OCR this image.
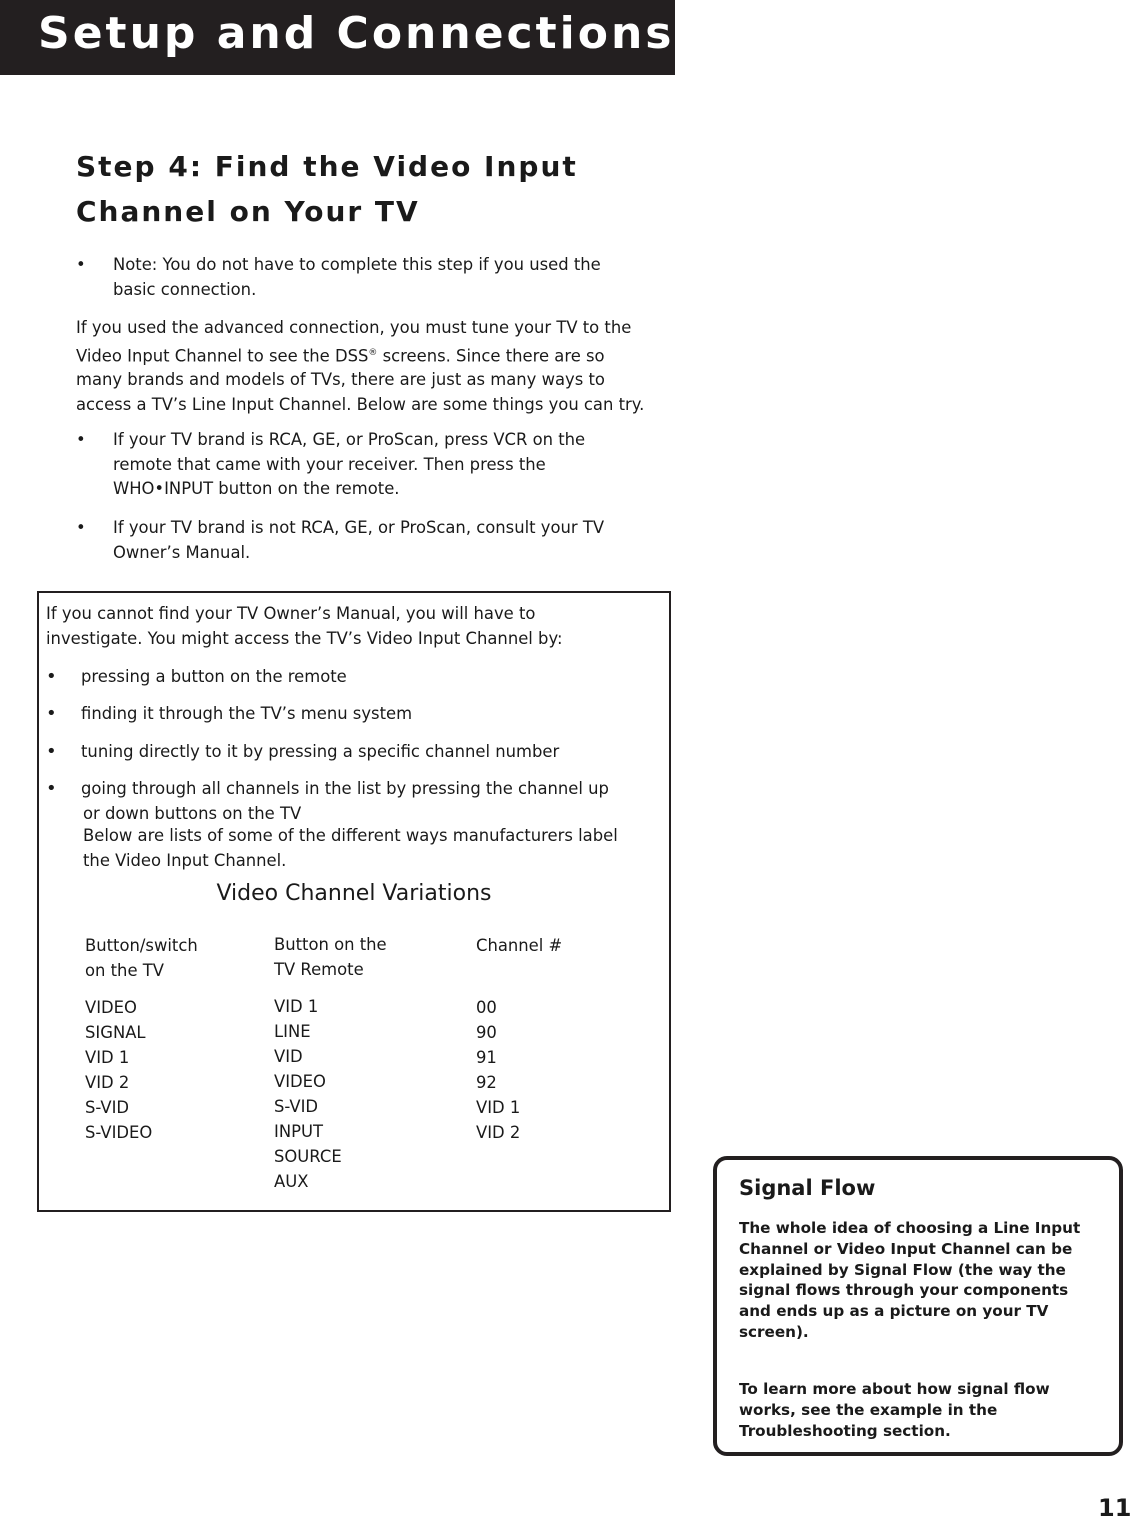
Setup and Connections
Step 4: Find the Video Input
Channel on Your TV
• Note: You do not have to complete this step if you used the
basic connection.
If you used the advanced connection, you must tune your TV to the
Video Input Channel to see the DSS® screens. Since there are so
many brands and models of TVs, there are just as many ways to
access a TV’s Line Input Channel. Below are some things you can try.
• If your TV brand is RCA, GE, or ProScan, press VCR on the
remote that came with your receiver. Then press the
WHO•INPUT button on the remote.
• If your TV brand is not RCA, GE, or ProScan, consult your TV
Owner’s Manual.
If you cannot find your TV Owner’s Manual, you will have to
investigate. You might access the TV’s Video Input Channel by:
• pressing a button on the remote
• finding it through the TV’s menu system
• tuning directly to it by pressing a specific channel number
• going through all channels in the list by pressing the channel up
or down buttons on the TV
Below are lists of some of the different ways manufacturers label
the Video Input Channel.
Video Channel Variations
Button/switch
on the TV
VIDEO
SIGNAL
VID 1
VID 2
S-VID
S-VIDEO
Button on the
TV Remote
VID 1
LINE
VID
VIDEO
S-VID
INPUT
SOURCE
AUX
Channel #
00
90
91
92
VID 1
VID 2
Signal Flow
The whole idea of choosing a Line Input
Channel or Video Input Channel can be
explained by Signal Flow (the way the
signal flows through your components
and ends up as a picture on your TV
screen).
To learn more about how signal flow
works, see the example in the
Troubleshooting section.
11
